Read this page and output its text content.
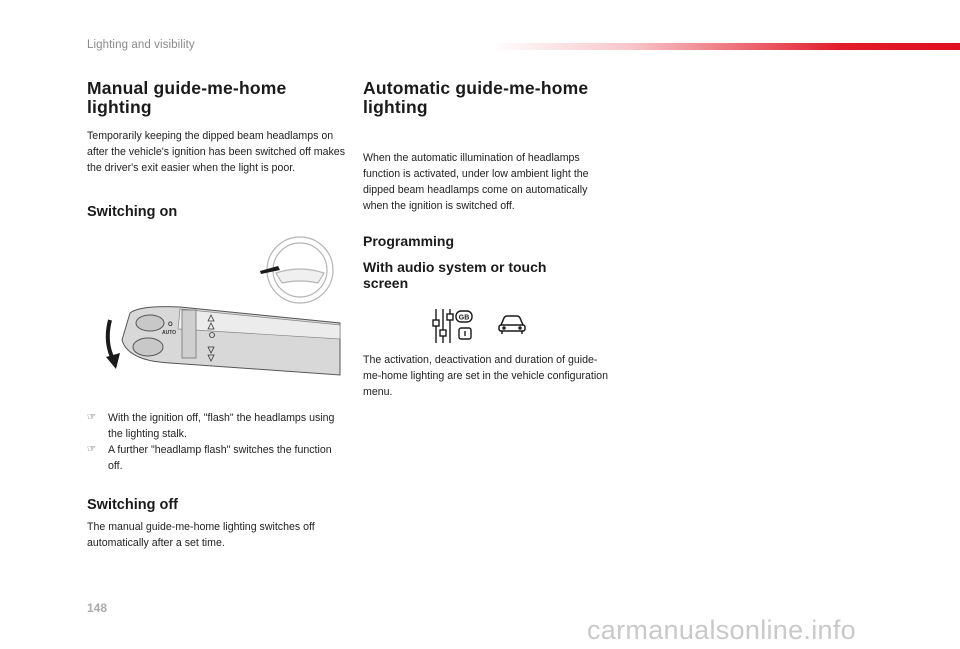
Lighting and visibility
Manual guide-me-home lighting

Temporarily keeping the dipped beam headlamps on after the vehicle's ignition has been switched off makes the driver's exit easier when the light is poor.

Switching on
O
AUTO
☞ With the ignition off, "flash" the headlamps using the lighting stalk.
☞ A further "headlamp flash" switches the function off.
Switching off

The manual guide-me-home lighting switches off automatically after a set time.

Automatic guide-me-home lighting

When the automatic illumination of headlamps function is activated, under low ambient light the dipped beam headlamps come on automatically when the ignition is switched off.

Programming
With audio system or touch screen
GB

The activation, deactivation and duration of guide-me-home lighting are set in the vehicle configuration menu.

148
carmanualsonline.info
